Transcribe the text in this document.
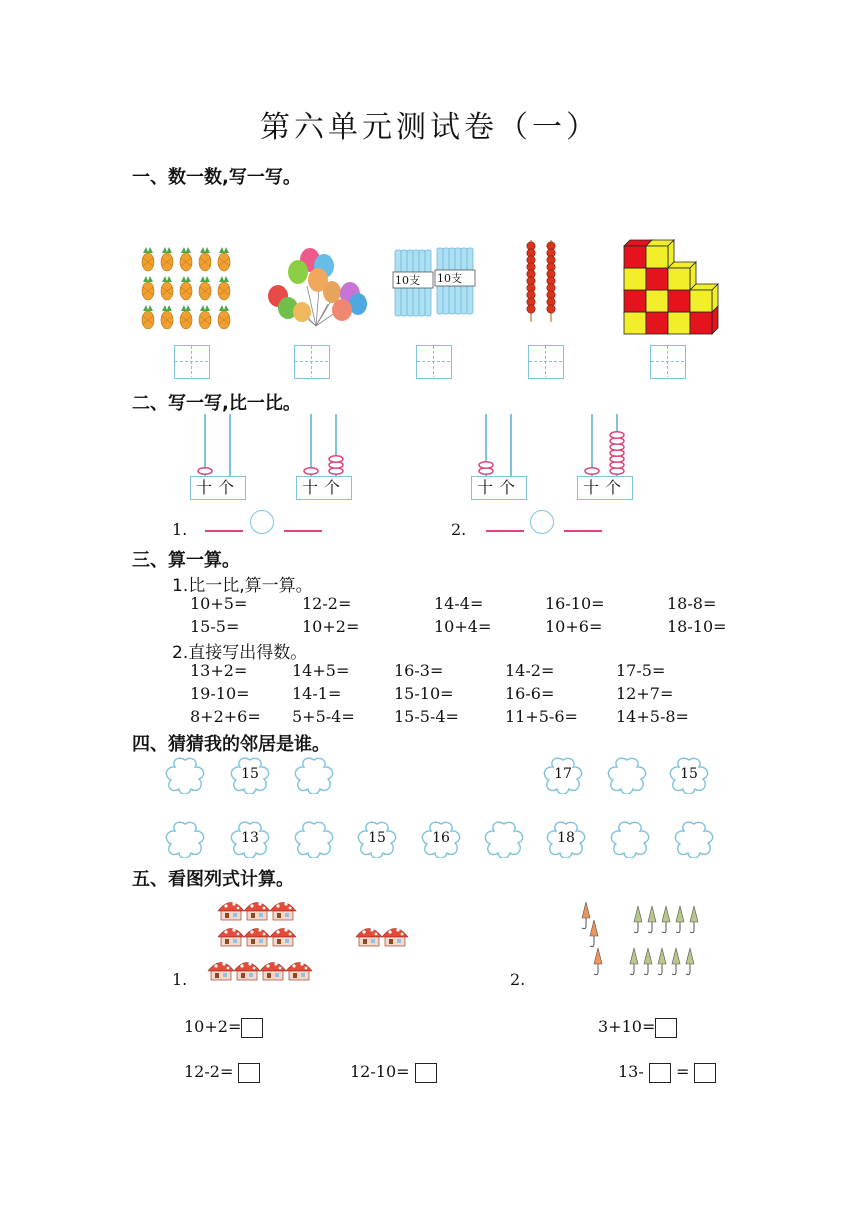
第六单元测试卷（一）
一、数一数,写一写。
10支 10支
二、写一写,比一比。
十个	十个	十个	十个
1.	2.
三、算一算。
1.比一比,算一算。
10+5=	12-2=	14-4=	16-10=	18-8=
15-5=	10+2=	10+4=	10+6=	18-10=
2.直接写出得数。
13+2=	14+5=	16-3=	14-2=	17-5=
19-10=	14-1=	15-10=	16-6=	12+7=
8+2+6= 5+5-4= 15-5-4=	11+5-6= 14+5-8=
四、猜猜我的邻居是谁。
15	17	15
13	15	16	18
五、看图列式计算。
1.	2.
10+2=
12-2=	12-10=
3+10=
13- =
